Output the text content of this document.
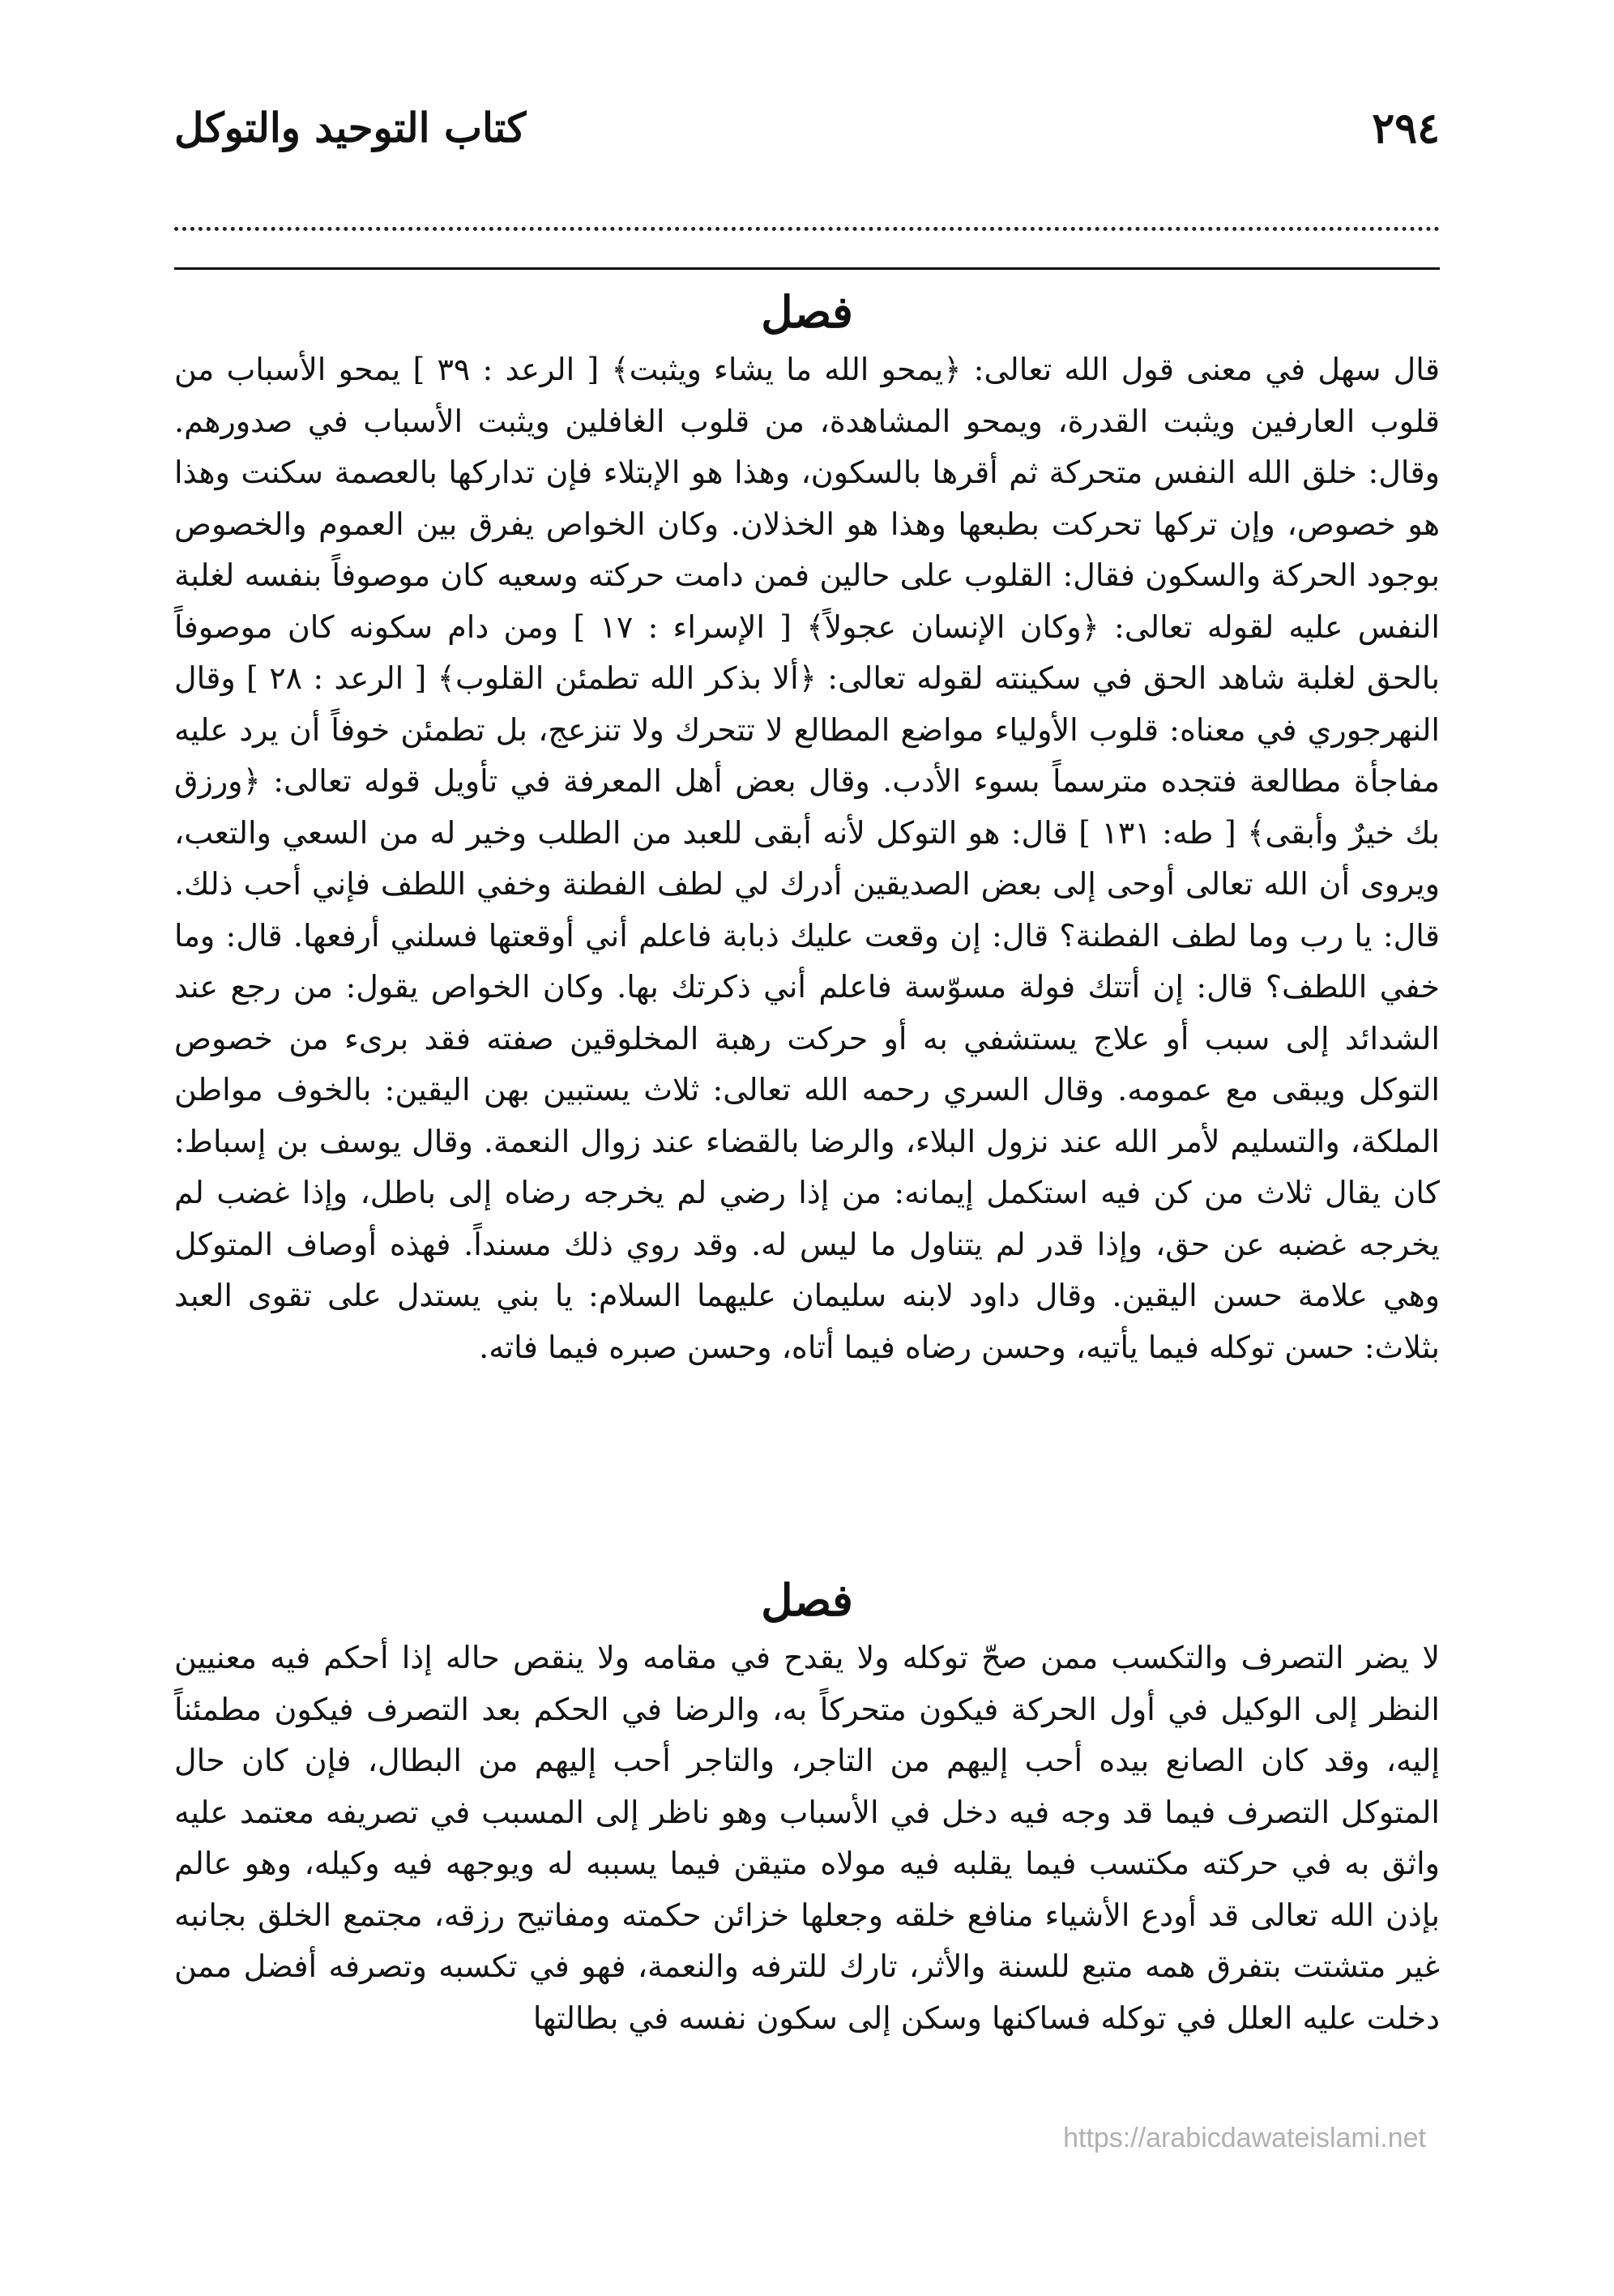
٢٩٤
كتاب التوحيد والتوكل
فصل

قال سهل في معنى قول الله تعالى: ﴿يمحو الله ما يشاء ويثبت﴾ [ الرعد : ٣٩ ] يمحو الأسباب من قلوب العارفين ويثبت القدرة، ويمحو المشاهدة، من قلوب الغافلين ويثبت الأسباب في صدورهم. وقال: خلق الله النفس متحركة ثم أقرها بالسكون، وهذا هو الإبتلاء فإن تداركها بالعصمة سكنت وهذا هو خصوص، وإن تركها تحركت بطبعها وهذا هو الخذلان. وكان الخواص يفرق بين العموم والخصوص بوجود الحركة والسكون فقال: القلوب على حالين فمن دامت حركته وسعيه كان موصوفاً بنفسه لغلبة النفس عليه لقوله تعالى: ﴿وكان الإنسان عجولاً﴾ [ الإسراء : ١٧ ] ومن دام سكونه كان موصوفاً بالحق لغلبة شاهد الحق في سكينته لقوله تعالى: ﴿ألا بذكر الله تطمئن القلوب﴾ [ الرعد : ٢٨ ] وقال النهرجوري في معناه: قلوب الأولياء مواضع المطالع لا تتحرك ولا تنزعج، بل تطمئن خوفاً أن يرد عليه مفاجأة مطالعة فتجده مترسماً بسوء الأدب. وقال بعض أهل المعرفة في تأويل قوله تعالى: ﴿ورزق بك خيرٌ وأبقى﴾ [ طه: ١٣١ ] قال: هو التوكل لأنه أبقى للعبد من الطلب وخير له من السعي والتعب، ويروى أن الله تعالى أوحى إلى بعض الصديقين أدرك لي لطف الفطنة وخفي اللطف فإني أحب ذلك. قال: يا رب وما لطف الفطنة؟ قال: إن وقعت عليك ذبابة فاعلم أني أوقعتها فسلني أرفعها. قال: وما خفي اللطف؟ قال: إن أتتك فولة مسوّسة فاعلم أني ذكرتك بها. وكان الخواص يقول: من رجع عند الشدائد إلى سبب أو علاج يستشفي به أو حركت رهبة المخلوقين صفته فقد برىء من خصوص التوكل ويبقى مع عمومه. وقال السري رحمه الله تعالى: ثلاث يستبين بهن اليقين: بالخوف مواطن الملكة، والتسليم لأمر الله عند نزول البلاء، والرضا بالقضاء عند زوال النعمة. وقال يوسف بن إسباط: كان يقال ثلاث من كن فيه استكمل إيمانه: من إذا رضي لم يخرجه رضاه إلى باطل، وإذا غضب لم يخرجه غضبه عن حق، وإذا قدر لم يتناول ما ليس له. وقد روي ذلك مسنداً. فهذه أوصاف المتوكل وهي علامة حسن اليقين. وقال داود لابنه سليمان عليهما السلام: يا بني يستدل على تقوى العبد بثلاث: حسن توكله فيما يأتيه، وحسن رضاه فيما أتاه، وحسن صبره فيما فاته.

فصل

لا يضر التصرف والتكسب ممن صحّ توكله ولا يقدح في مقامه ولا ينقص حاله إذا أحكم فيه معنيين النظر إلى الوكيل في أول الحركة فيكون متحركاً به، والرضا في الحكم بعد التصرف فيكون مطمئناً إليه، وقد كان الصانع بيده أحب إليهم من التاجر، والتاجر أحب إليهم من البطال، فإن كان حال المتوكل التصرف فيما قد وجه فيه دخل في الأسباب وهو ناظر إلى المسبب في تصريفه معتمد عليه واثق به في حركته مكتسب فيما يقلبه فيه مولاه متيقن فيما يسببه له ويوجهه فيه وكيله، وهو عالم بإذن الله تعالى قد أودع الأشياء منافع خلقه وجعلها خزائن حكمته ومفاتيح رزقه، مجتمع الخلق بجانبه غير متشتت بتفرق همه متبع للسنة والأثر، تارك للترفه والنعمة، فهو في تكسبه وتصرفه أفضل ممن دخلت عليه العلل في توكله فساكنها وسكن إلى سكون نفسه في بطالتها

https://arabicdawateislami.net
